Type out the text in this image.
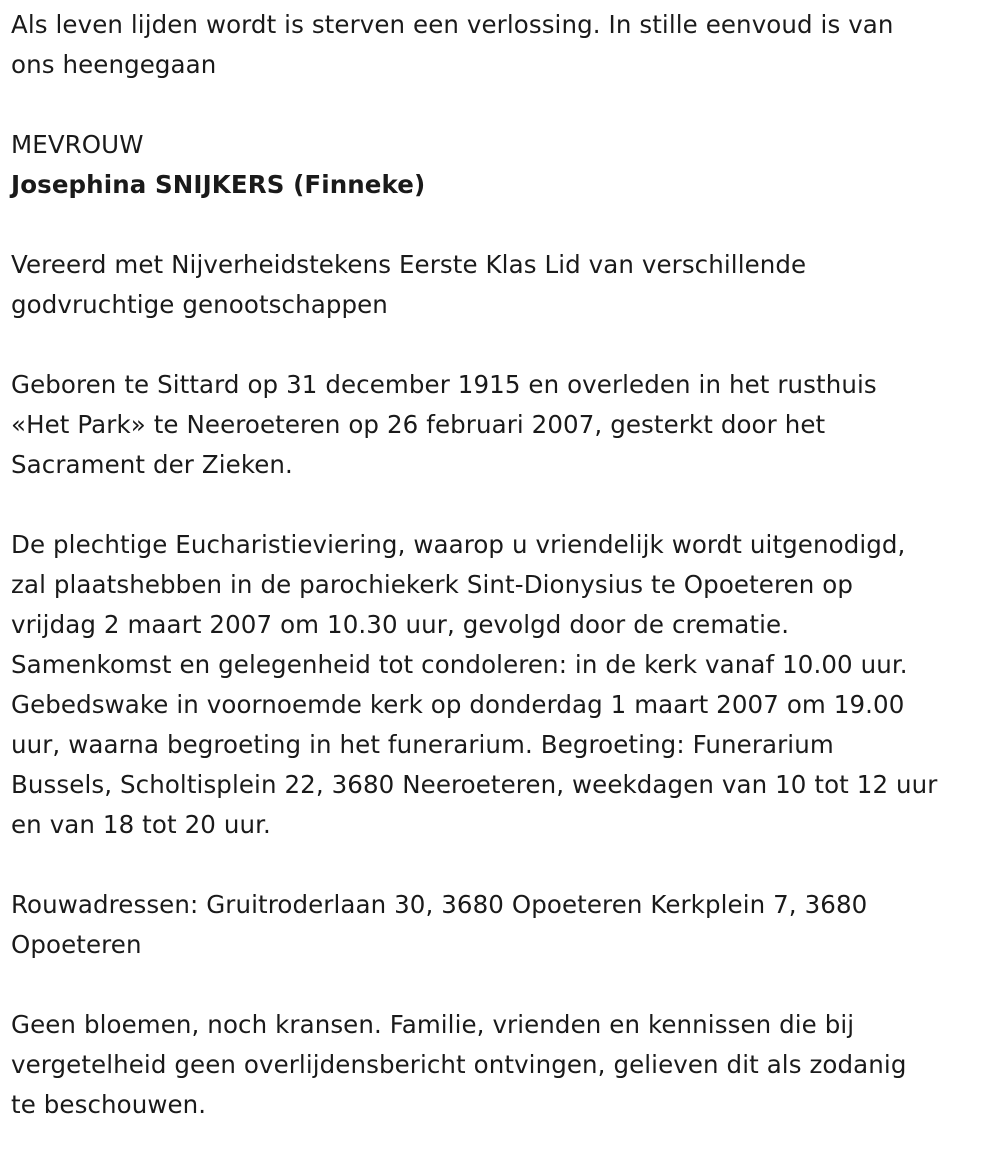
Als leven lijden wordt is sterven een verlossing. In stille eenvoud is van
ons heengegaan

MEVROUW

Josephina SNIJKERS (Finneke)

Vereerd met Nijverheidstekens Eerste Klas Lid van verschillende
godvruchtige genootschappen

Geboren te Sittard op 31 december 1915 en overleden in het rusthuis
«Het Park» te Neeroeteren op 26 februari 2007, gesterkt door het
Sacrament der Zieken.

De plechtige Eucharistieviering, waarop u vriendelijk wordt uitgenodigd,
zal plaatshebben in de parochiekerk Sint-Dionysius te Opoeteren op
vrijdag 2 maart 2007 om 10.30 uur, gevolgd door de crematie.
Samenkomst en gelegenheid tot condoleren: in de kerk vanaf 10.00 uur.
Gebedswake in voornoemde kerk op donderdag 1 maart 2007 om 19.00
uur, waarna begroeting in het funerarium. Begroeting: Funerarium
Bussels, Scholtisplein 22, 3680 Neeroeteren, weekdagen van 10 tot 12 uur
en van 18 tot 20 uur.

Rouwadressen: Gruitroderlaan 30, 3680 Opoeteren Kerkplein 7, 3680
Opoeteren

Geen bloemen, noch kransen. Familie, vrienden en kennissen die bij
vergetelheid geen overlijdensbericht ontvingen, gelieven dit als zodanig
te beschouwen.
